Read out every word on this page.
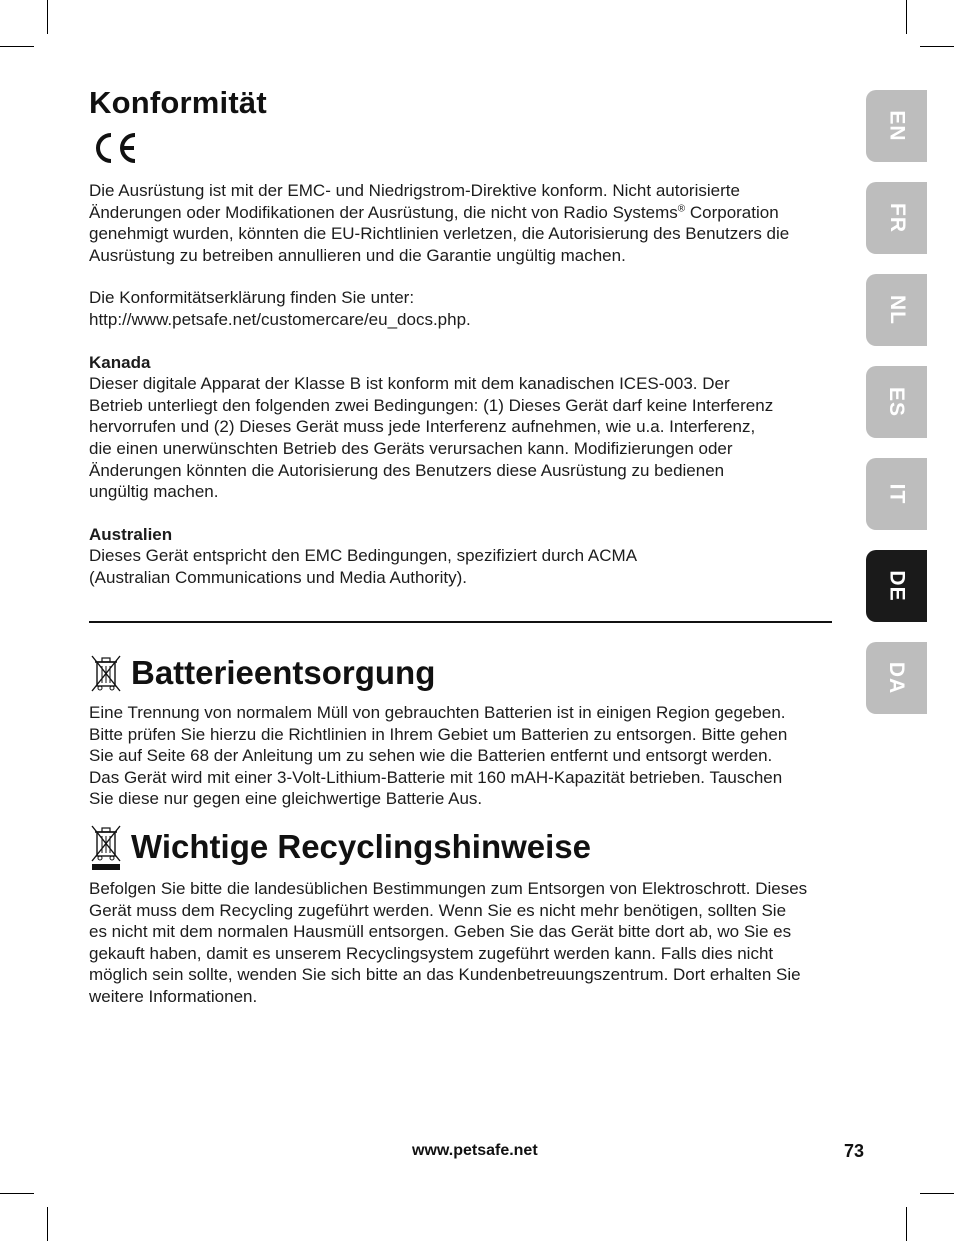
Konformität

Die Ausrüstung ist mit der EMC- und Niedrigstrom-Direktive konform. Nicht autorisierte Änderungen oder Modifikationen der Ausrüstung, die nicht von Radio Systems® Corporation genehmigt wurden, könnten die EU-Richtlinien verletzen, die Autorisierung des Benutzers die Ausrüstung zu betreiben annullieren und die Garantie ungültig machen.

Die Konformitätserklärung finden Sie unter:

http://www.petsafe.net/customercare/eu_docs.php.

Kanada

Dieser digitale Apparat der Klasse B ist konform mit dem kanadischen ICES-003. Der

Betrieb unterliegt den folgenden zwei Bedingungen: (1) Dieses Gerät darf keine Interferenz

hervorrufen und (2) Dieses Gerät muss jede Interferenz aufnehmen, wie u.a. Interferenz,

die einen unerwünschten Betrieb des Geräts verursachen kann. Modifizierungen oder

Änderungen könnten die Autorisierung des Benutzers diese Ausrüstung zu bedienen

ungültig machen.

Australien

Dieses Gerät entspricht den EMC Bedingungen, spezifiziert durch ACMA

(Australian Communications und Media Authority).

Batterieentsorgung

Eine Trennung von normalem Müll von gebrauchten Batterien ist in einigen Region gegeben.

Bitte prüfen Sie hierzu die Richtlinien in Ihrem Gebiet um Batterien zu entsorgen. Bitte gehen

Sie auf Seite 68 der Anleitung um zu sehen wie die Batterien entfernt und entsorgt werden.

Das Gerät wird mit einer 3-Volt-Lithium-Batterie mit 160 mAH-Kapazität betrieben. Tauschen

Sie diese nur gegen eine gleichwertige Batterie Aus.

Wichtige Recyclingshinweise

Befolgen Sie bitte die landesüblichen Bestimmungen zum Entsorgen von Elektroschrott. Dieses

Gerät muss dem Recycling zugeführt werden. Wenn Sie es nicht mehr benötigen, sollten Sie

es nicht mit dem normalen Hausmüll entsorgen. Geben Sie das Gerät bitte dort ab, wo Sie es

gekauft haben, damit es unserem Recyclingsystem zugeführt werden kann. Falls dies nicht

möglich sein sollte, wenden Sie sich bitte an das Kundenbetreuungszentrum. Dort erhalten Sie

weitere Informationen.

EN
FR
NL
ES
IT
DE
DA
www.petsafe.net	73
